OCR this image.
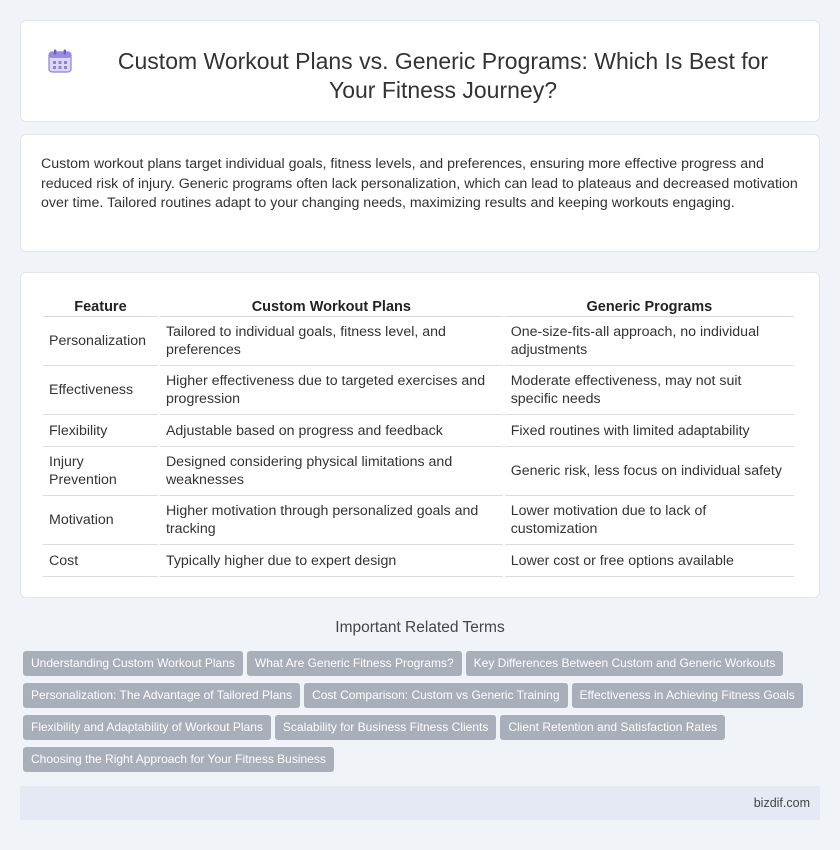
Custom Workout Plans vs. Generic Programs: Which Is Best for Your Fitness Journey?

Custom workout plans target individual goals, fitness levels, and preferences, ensuring more effective progress and reduced risk of injury. Generic programs often lack personalization, which can lead to plateaus and decreased motivation over time. Tailored routines adapt to your changing needs, maximizing results and keeping workouts engaging.

Feature	Custom Workout Plans	Generic Programs
Personalization	Tailored to individual goals, fitness level, and preferences	One-size-fits-all approach, no individual adjustments
Effectiveness	Higher effectiveness due to targeted exercises and progression	Moderate effectiveness, may not suit specific needs
Flexibility	Adjustable based on progress and feedback	Fixed routines with limited adaptability
Injury Prevention	Designed considering physical limitations and weaknesses	Generic risk, less focus on individual safety
Motivation	Higher motivation through personalized goals and tracking	Lower motivation due to lack of customization
Cost	Typically higher due to expert design	Lower cost or free options available
Important Related Terms
Understanding Custom Workout Plans What Are Generic Fitness Programs? Key Differences Between Custom and Generic Workouts
Personalization: The Advantage of Tailored Plans Cost Comparison: Custom vs Generic Training Effectiveness in Achieving Fitness Goals
Flexibility and Adaptability of Workout Plans Scalability for Business Fitness Clients Client Retention and Satisfaction Rates
Choosing the Right Approach for Your Fitness Business
bizdif.com
